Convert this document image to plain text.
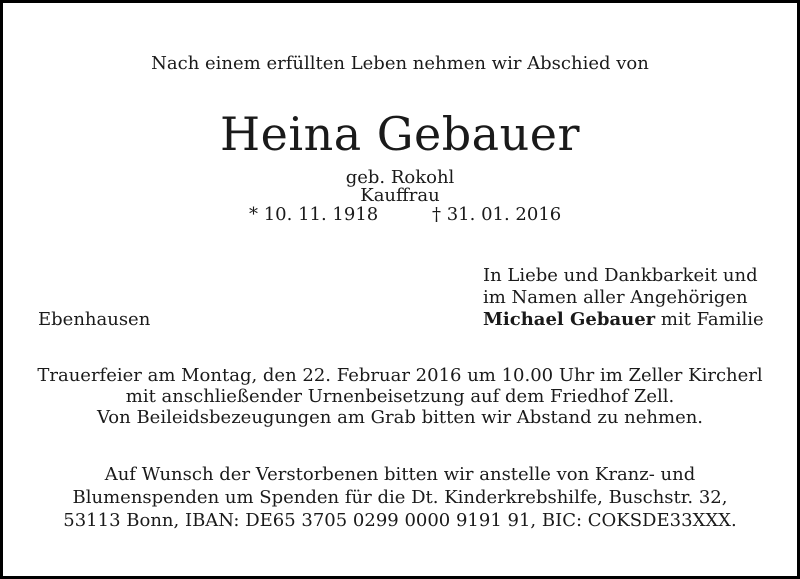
Nach einem erfüllten Leben nehmen wir Abschied von
Heina Gebauer
geb. Rokohl
Kauffrau
* 10. 11. 1918	† 31. 01. 2016
Ebenhausen
In Liebe und Dankbarkeit und
im Namen aller Angehörigen
Michael Gebauer mit Familie
Trauerfeier am Montag, den 22. Februar 2016 um 10.00 Uhr im Zeller Kircherl
mit anschließender Urnenbeisetzung auf dem Friedhof Zell.
Von Beileidsbezeugungen am Grab bitten wir Abstand zu nehmen.
Auf Wunsch der Verstorbenen bitten wir anstelle von Kranz- und
Blumenspenden um Spenden für die Dt. Kinderkrebshilfe, Buschstr. 32,
53113 Bonn, IBAN: DE65 3705 0299 0000 9191 91, BIC: COKSDE33XXX.
